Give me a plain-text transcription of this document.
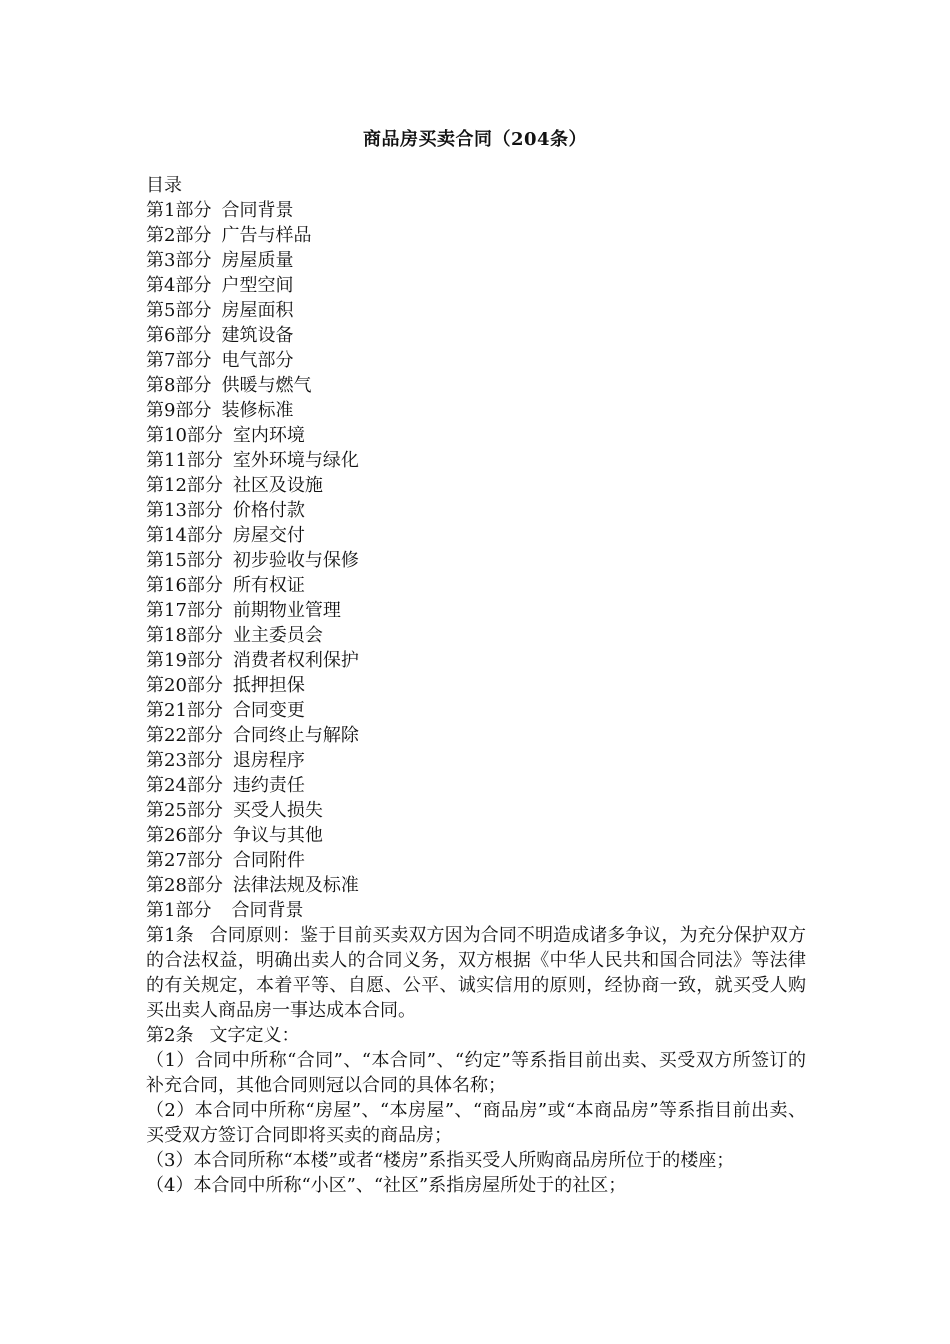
商品房买卖合同（204条）
目录
第1部分 合同背景
第2部分 广告与样品
第3部分 房屋质量
第4部分 户型空间
第5部分 房屋面积
第6部分 建筑设备
第7部分 电气部分
第8部分 供暖与燃气
第9部分 装修标准
第10部分 室内环境
第11部分 室外环境与绿化
第12部分 社区及设施
第13部分 价格付款
第14部分 房屋交付
第15部分 初步验收与保修
第16部分 所有权证
第17部分 前期物业管理
第18部分 业主委员会
第19部分 消费者权利保护
第20部分 抵押担保
第21部分 合同变更
第22部分 合同终止与解除
第23部分 退房程序
第24部分 违约责任
第25部分 买受人损失
第26部分 争议与其他
第27部分 合同附件
第28部分 法律法规及标准
第1部分 合同背景
第1条 合同原则：鉴于目前买卖双方因为合同不明造成诸多争议，为充分保护双方的合法权益，明确出卖人的合同义务，双方根据《中华人民共和国合同法》等法律的有关规定，本着平等、自愿、公平、诚实信用的原则，经协商一致，就买受人购买出卖人商品房一事达成本合同。
第2条 文字定义：
（1）合同中所称“合同”、“本合同”、“约定”等系指目前出卖、买受双方所签订的补充合同，其他合同则冠以合同的具体名称；
（2）本合同中所称“房屋”、“本房屋”、“商品房”或“本商品房”等系指目前出卖、买受双方签订合同即将买卖的商品房；
（3）本合同所称“本楼”或者“楼房”系指买受人所购商品房所位于的楼座；
（4）本合同中所称“小区”、“社区”系指房屋所处于的社区；
